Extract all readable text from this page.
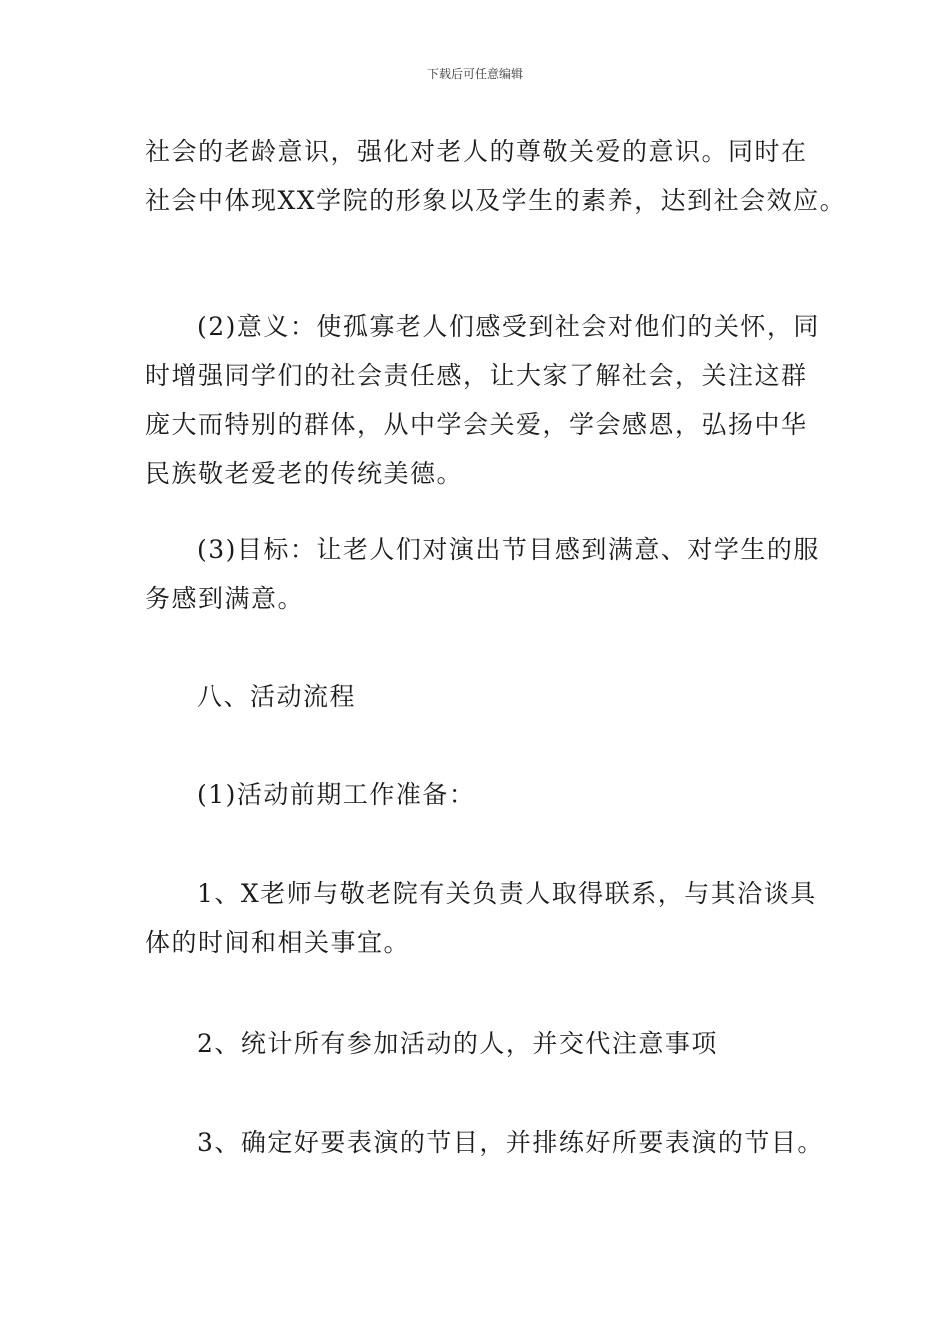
下载后可任意编辑
社会的老龄意识，强化对老人的尊敬关爱的意识。同时在
社会中体现XX学院的形象以及学生的素养，达到社会效应。
(2)意义：使孤寡老人们感受到社会对他们的关怀，同
时增强同学们的社会责任感，让大家了解社会，关注这群
庞大而特别的群体，从中学会关爱，学会感恩，弘扬中华
民族敬老爱老的传统美德。
(3)目标：让老人们对演出节目感到满意、对学生的服
务感到满意。
八、活动流程
(1)活动前期工作准备：
1、X老师与敬老院有关负责人取得联系，与其洽谈具
体的时间和相关事宜。
2、统计所有参加活动的人，并交代注意事项
3、确定好要表演的节目，并排练好所要表演的节目。
